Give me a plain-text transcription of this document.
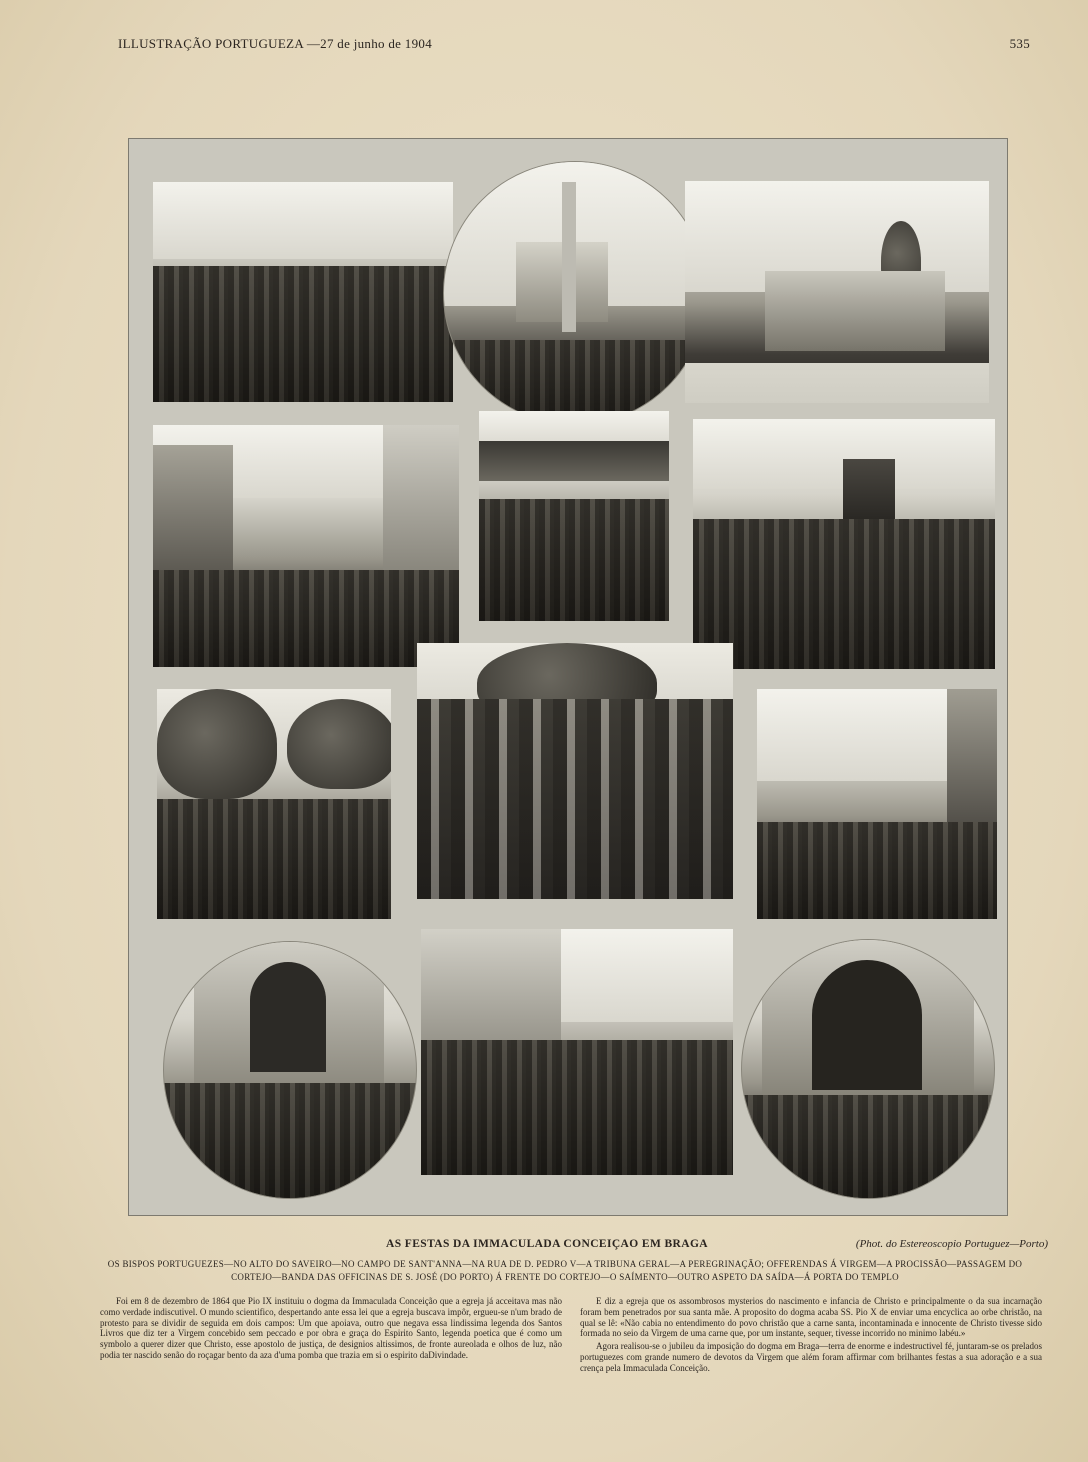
ILLUSTRAÇÃO PORTUGUEZA —27 de junho de 1904	535
AS FESTAS DA IMMACULADA CONCEIÇAO EM BRAGA	(Phot. do Estereoscopio Portuguez—Porto)
OS BISPOS PORTUGUEZES—NO ALTO DO SAVEIRO—NO CAMPO DE SANT'ANNA—NA RUA DE D. PEDRO V—A TRIBUNA GERAL—A PEREGRINAÇÃO; OFFERENDAS Á VIRGEM—A PROCISSÃO—PASSAGEM DO CORTEJO—BANDA DAS OFFICINAS DE S. JOSÉ (DO PORTO) Á FRENTE DO CORTEJO—O SAÍMENTO—OUTRO ASPETO DA SAÍDA—Á PORTA DO TEMPLO

Foi em 8 de dezembro de 1864 que Pio IX instituiu o dogma da Immaculada Conceição que a egreja já acceitava mas não como verdade indiscutivel. O mundo scientifico, despertando ante essa lei que a egreja buscava impôr, ergueu-se n'um brado de protesto para se dividir de seguida em dois campos: Um que apoiava, outro que negava essa lindissima legenda dos Santos Livros que diz ter a Virgem concebido sem peccado e por obra e graça do Espirito Santo, legenda poetica que é como um symbolo a querer dizer que Christo, esse apostolo de justiça, de designios altissimos, de fronte aureolada e olhos de luz, não podia ter nascido senão do roçagar bento da aza d'uma pomba que trazia em si o espirito daDivindade.

E diz a egreja que os assombrosos mysterios do nascimento e infancia de Christo e principalmente o da sua incarnação foram bem penetrados por sua santa mãe. A proposito do dogma acaba SS. Pio X de enviar uma encyclica ao orbe christão, na qual se lê: «Não cabia no entendimento do povo christão que a carne santa, incontaminada e innocente de Christo tivesse sido formada no seio da Virgem de uma carne que, por um instante, sequer, tivesse incorrido no minimo labéu.»

Agora realisou-se o jubileu da imposição do dogma em Braga—terra de enorme e indestructivel fé, juntaram-se os prelados portuguezes com grande numero de devotos da Virgem que além foram affirmar com brilhantes festas a sua adoração e a sua crença pela Immaculada Conceição.
